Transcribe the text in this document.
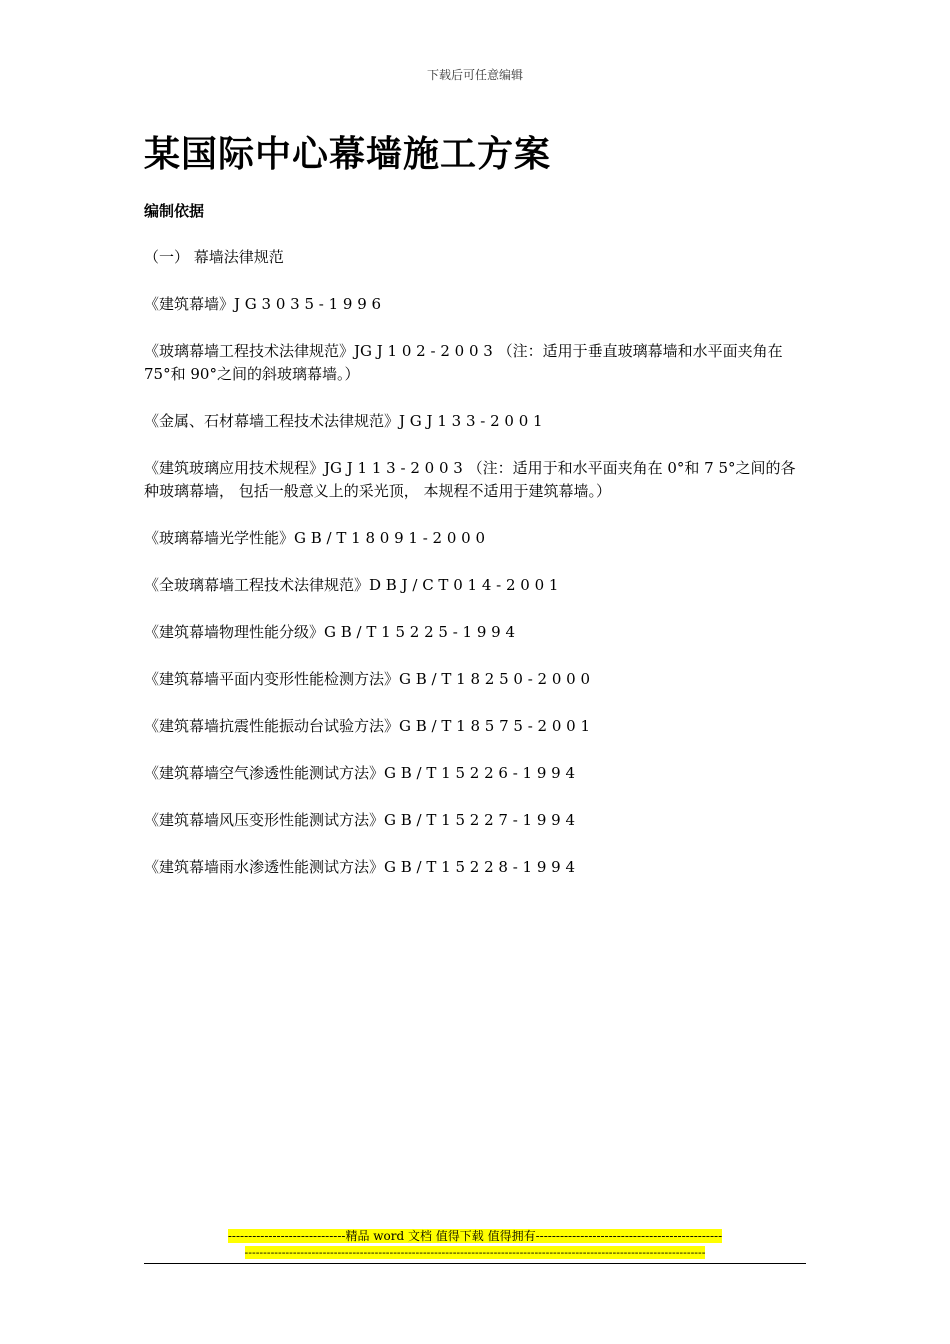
下载后可任意编辑
某国际中心幕墙施工方案
编制依据
（一） 幕墙法律规范
《建筑幕墙》J G 3 0 3 5 - 1 9 9 6
《玻璃幕墙工程技术法律规范》JG J 1 0 2 - 2 0 0 3 （注：适用于垂直玻璃幕墙和水平面夹角在 75°和 90°之间的斜玻璃幕墙。）
《金属、石材幕墙工程技术法律规范》J G J 1 3 3 - 2 0 0 1
《建筑玻璃应用技术规程》JG J 1 1 3 - 2 0 0 3 （注：适用于和水平面夹角在 0°和 7 5°之间的各种玻璃幕墙， 包括一般意义上的采光顶， 本规程不适用于建筑幕墙。）
《玻璃幕墙光学性能》G B / T 1 8 0 9 1 - 2 0 0 0
《全玻璃幕墙工程技术法律规范》D B J / C T 0 1 4 - 2 0 0 1
《建筑幕墙物理性能分级》G B / T 1 5 2 2 5 - 1 9 9 4
《建筑幕墙平面内变形性能检测方法》G B / T 1 8 2 5 0 - 2 0 0 0
《建筑幕墙抗震性能振动台试验方法》G B / T 1 8 5 7 5 - 2 0 0 1
《建筑幕墙空气渗透性能测试方法》G B / T 1 5 2 2 6 - 1 9 9 4
《建筑幕墙风压变形性能测试方法》G B / T 1 5 2 2 7 - 1 9 9 4
《建筑幕墙雨水渗透性能测试方法》G B / T 1 5 2 2 8 - 1 9 9 4
-----------------------------精品 word 文档 值得下载 值得拥有----------------------------------------------
----------------------------------------------------------------------------------------------------------------------------
